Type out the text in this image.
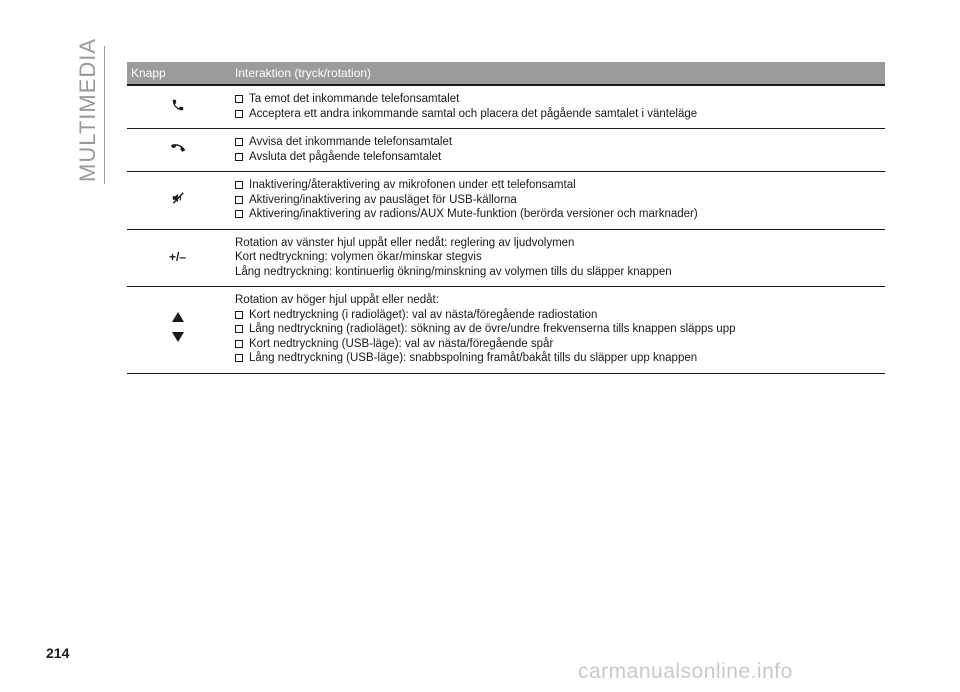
MULTIMEDIA	Knapp	Interaktion (tryck/rotation)

Ta emot det inkommande telefonsamtalet
Acceptera ett andra inkommande samtal och placera det pågående samtalet i vänteläge

Avvisa det inkommande telefonsamtalet
Avsluta det pågående telefonsamtalet

Inaktivering/återaktivering av mikrofonen under ett telefonsamtal
Aktivering/inaktivering av pausläget för USB-källorna
Aktivering/inaktivering av radions/AUX Mute-funktion (berörda versioner och marknader)

+/–	Rotation av vänster hjul uppåt eller nedåt: reglering av ljudvolymen
Kort nedtryckning: volymen ökar/minskar stegvis
Lång nedtryckning: kontinuerlig ökning/minskning av volymen tills du släpper knappen

Rotation av höger hjul uppåt eller nedåt:
Kort nedtryckning (i radioläget): val av nästa/föregående radiostation
Lång nedtryckning (radioläget): sökning av de övre/undre frekvenserna tills knappen släpps upp
Kort nedtryckning (USB-läge): val av nästa/föregående spår
Lång nedtryckning (USB-läge): snabbspolning framåt/bakåt tills du släpper upp knappen
214
carmanualsonline.info
